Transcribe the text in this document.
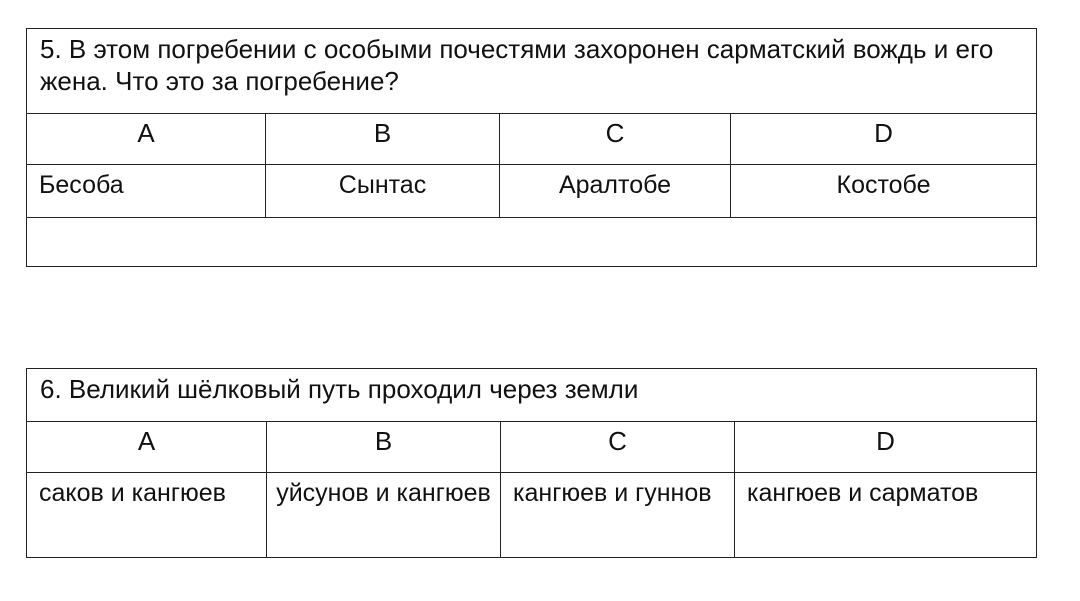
5. В этом погребении с особыми почестями захоронен сарматский вождь и его жена. Что это за погребение?			
A	B	C	D
Бесоба	Сынтас	Аралтобе	Костобе

6. Великий шёлковый путь проходил через земли			
A	B	C	D
саков и кангюев	уйсунов и кангюев	кангюев и гуннов	кангюев и сарматов
